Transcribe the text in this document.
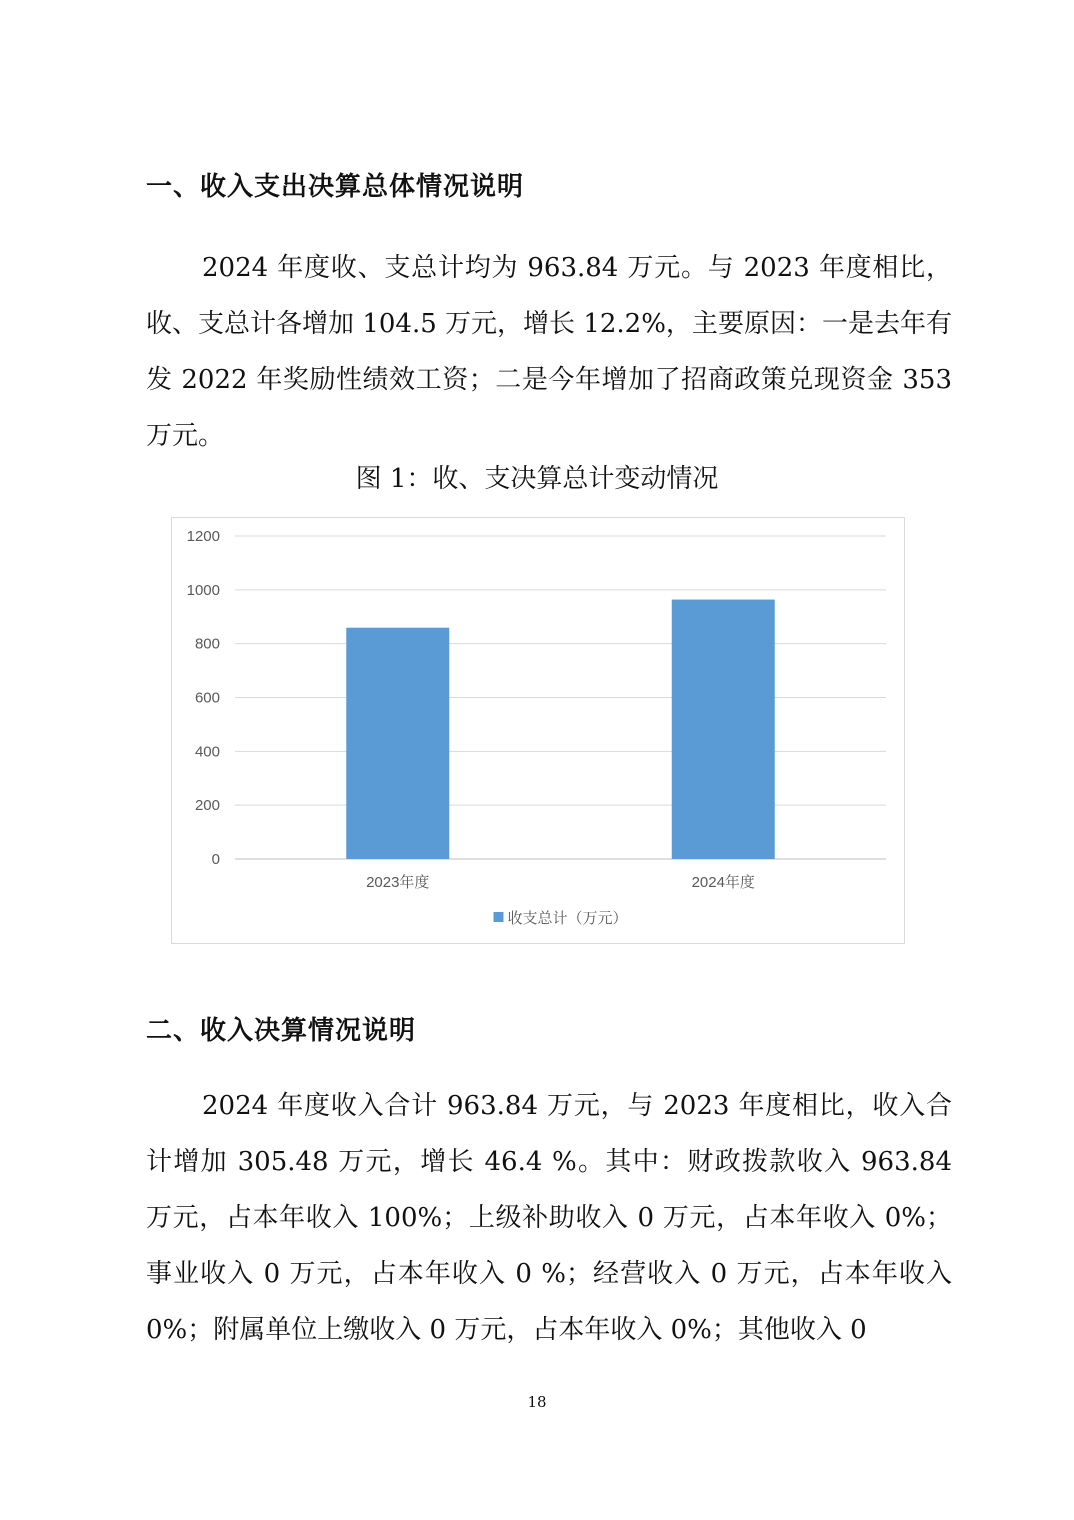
一、收入支出决算总体情况说明

2024 年度收、支总计均为 963.84 万元。与 2023 年度相比，收、支总计各增加 104.5 万元，增长 12.2%，主要原因：一是去年有发 2022 年奖励性绩效工资；二是今年增加了招商政策兑现资金 353 万元。

图 1：收、支决算总计变动情况
0
200
400
600
800
1000
1200
2023年度	2024年度
收支总计（万元）
二、收入决算情况说明

2024 年度收入合计 963.84 万元，与 2023 年度相比，收入合计增加 305.48 万元，增长 46.4 %。其中：财政拨款收入 963.84 万元，占本年收入 100%；上级补助收入 0 万元，占本年收入 0%；事业收入 0 万元，占本年收入 0 %；经营收入 0 万元，占本年收入 0%；附属单位上缴收入 0 万元，占本年收入 0%；其他收入 0

18
